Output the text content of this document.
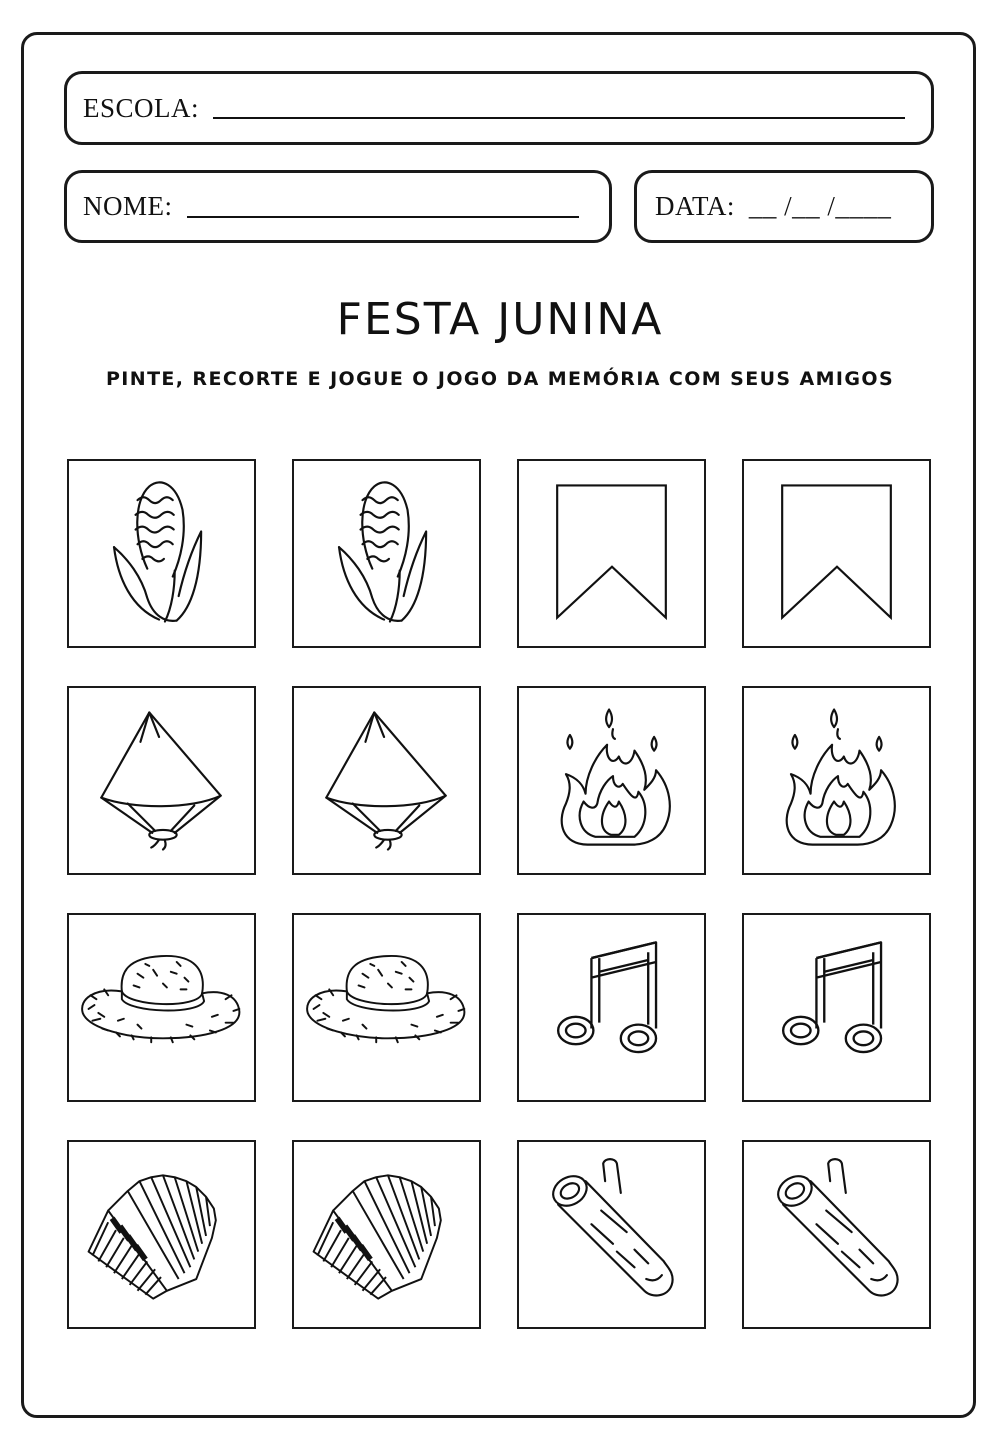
ESCOLA:
NOME:	DATA: __ /__ /____
FESTA JUNINA
PINTE, RECORTE E JOGUE O JOGO DA MEMÓRIA COM SEUS AMIGOS
